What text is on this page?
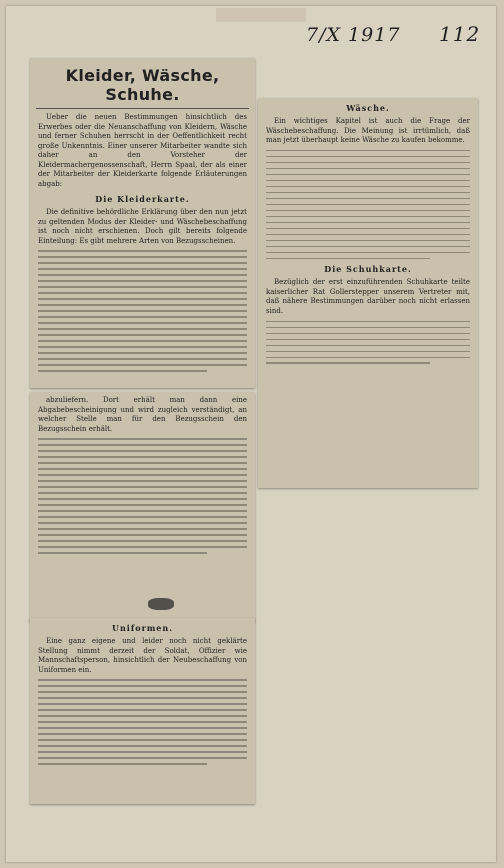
7/X 1917 112
Kleider, Wäsche, Schuhe.
Ueber die neuen Bestimmungen hinsichtlich des Erwerbes oder die Neuanschaffung von Kleidern, Wäsche und ferner Schuhen herrscht in der Oeffentlichkeit recht große Unkenntnis. Einer unserer Mitarbeiter wandte sich daher an den Vorsteher der Kleidermachergenossenschaft, Herrn Spaal, der als einer der Mitarbeiter der Kleiderkarte folgende Erläuterungen abgab:
Die Kleiderkarte.
Die definitive behördliche Erklärung über den nun jetzt zu geltenden Modus der Kleider- und Wäschebeschaffung ist noch nicht erschienen. Doch gilt bereits folgende Einteilung: Es gibt mehrere Arten von Bezugsscheinen.
abzuliefern. Dort erhält man dann eine Abgabebescheinigung und wird zugleich verständigt, an welcher Stelle man für den Bezugsschein den Bezugsschein erhält.
Uniformen.
Eine ganz eigene und leider noch nicht geklärte Stellung nimmt derzeit der Soldat, Offizier wie Mannschaftsperson, hinsichtlich der Neubeschaffung von Uniformen ein.
Wäsche.
Ein wichtiges Kapitel ist auch die Frage der Wäschebeschaffung. Die Meinung ist irrtümlich, daß man jetzt überhaupt keine Wäsche zu kaufen bekomme.
Die Schuhkarte.
Bezüglich der erst einzuführenden Schuhkarte teilte kaiserlicher Rat Gollerstepper unserem Vertreter mit, daß nähere Bestimmungen darüber noch nicht erlassen sind.
